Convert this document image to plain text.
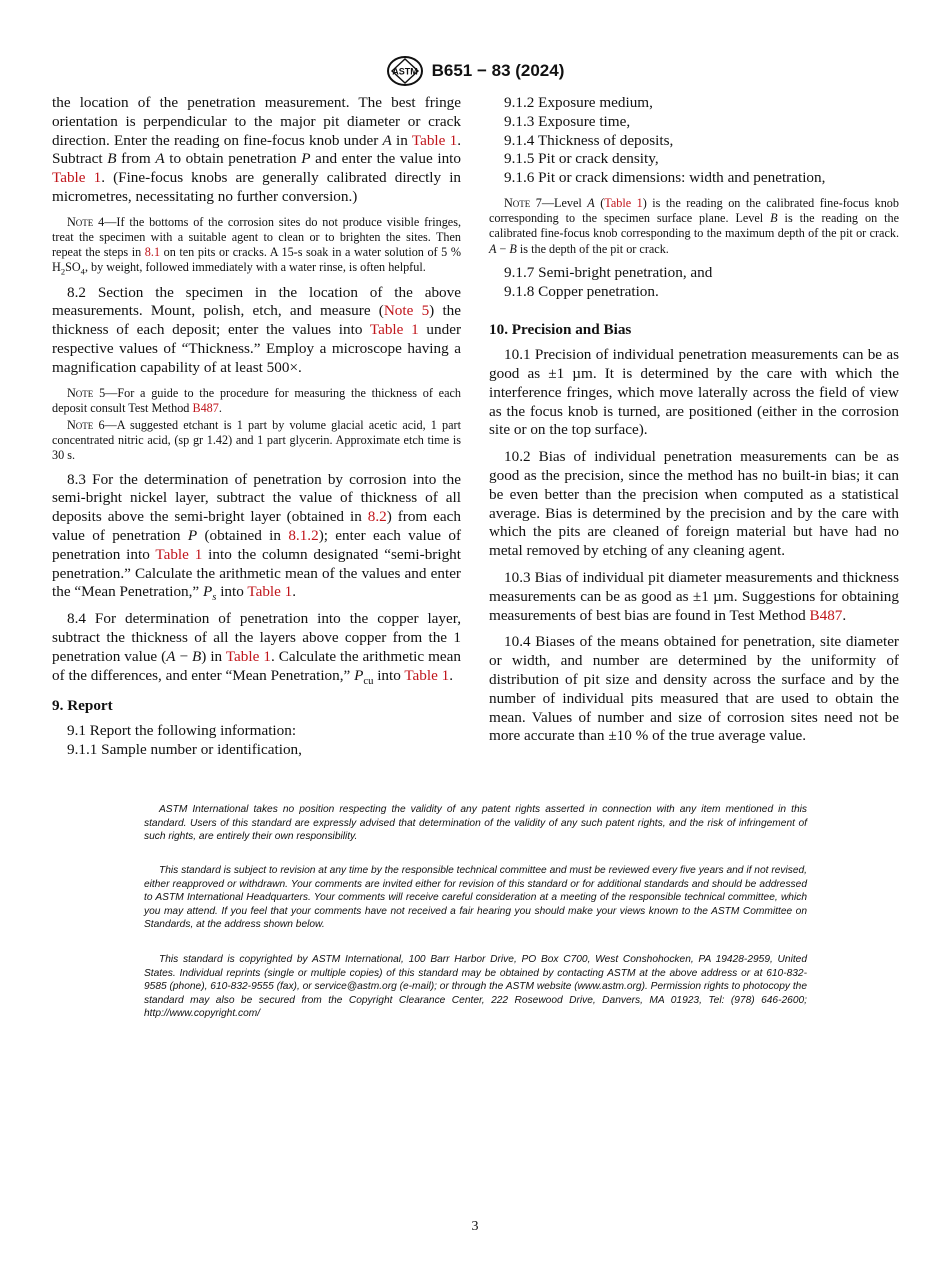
ASTM B651 − 83 (2024)

the location of the penetration measurement. The best fringe orientation is perpendicular to the major pit diameter or crack direction. Enter the reading on fine-focus knob under A in Table 1. Subtract B from A to obtain penetration P and enter the value into Table 1. (Fine-focus knobs are generally calibrated directly in micrometres, necessitating no further conversion.)

Note 4—If the bottoms of the corrosion sites do not produce visible fringes, treat the specimen with a suitable agent to clean or to brighten the sites. Then repeat the steps in 8.1 on ten pits or cracks. A 15-s soak in a water solution of 5 % $H_2SO_4$, by weight, followed immediately with a water rinse, is often helpful.

8.2 Section the specimen in the location of the above measurements. Mount, polish, etch, and measure (Note 5) the thickness of each deposit; enter the values into Table 1 under respective values of “Thickness.” Employ a microscope having a magnification capability of at least 500×.

Note 5—For a guide to the procedure for measuring the thickness of each deposit consult Test Method B487.

Note 6—A suggested etchant is 1 part by volume glacial acetic acid, 1 part concentrated nitric acid, (sp gr 1.42) and 1 part glycerin. Approximate etch time is 30 s.

8.3 For the determination of penetration by corrosion into the semi-bright nickel layer, subtract the value of thickness of all deposits above the semi-bright layer (obtained in 8.2) from each value of penetration P (obtained in 8.1.2); enter each value of penetration into Table 1 into the column designated “semi-bright penetration.” Calculate the arithmetic mean of the values and enter the “Mean Penetration,” $P_s$ into Table 1.

8.4 For determination of penetration into the copper layer, subtract the thickness of all the layers above copper from the 1 penetration value (A − B) in Table 1. Calculate the arithmetic mean of the differences, and enter “Mean Penetration,” $P_{cu}$ into Table 1.

9. Report

9.1 Report the following information:

9.1.1 Sample number or identification,

9.1.2 Exposure medium,

9.1.3 Exposure time,

9.1.4 Thickness of deposits,

9.1.5 Pit or crack density,

9.1.6 Pit or crack dimensions: width and penetration,

Note 7—Level A (Table 1) is the reading on the calibrated fine-focus knob corresponding to the specimen surface plane. Level B is the reading on the calibrated fine-focus knob corresponding to the maximum depth of the pit or crack. A − B is the depth of the pit or crack.

9.1.7 Semi-bright penetration, and

9.1.8 Copper penetration.

10. Precision and Bias

10.1 Precision of individual penetration measurements can be as good as ±1 µm. It is determined by the care with which the interference fringes, which move laterally across the field of view as the focus knob is turned, are positioned (either in the corrosion site or on the top surface).

10.2 Bias of individual penetration measurements can be as good as the precision, since the method has no built-in bias; it can be even better than the precision when computed as a statistical average. Bias is determined by the precision and by the care with which the pits are cleaned of foreign material but have had no metal removed by etching of any cleaning agent.

10.3 Bias of individual pit diameter measurements and thickness measurements can be as good as ±1 µm. Suggestions for obtaining measurements of best bias are found in Test Method B487.

10.4 Biases of the means obtained for penetration, site diameter or width, and number are determined by the uniformity of distribution of pit size and density across the surface and by the number of individual pits measured that are used to obtain the mean. Values of number and size of corrosion sites need not be more accurate than ±10 % of the true average value.

ASTM International takes no position respecting the validity of any patent rights asserted in connection with any item mentioned in this standard. Users of this standard are expressly advised that determination of the validity of any such patent rights, and the risk of infringement of such rights, are entirely their own responsibility.

This standard is subject to revision at any time by the responsible technical committee and must be reviewed every five years and if not revised, either reapproved or withdrawn. Your comments are invited either for revision of this standard or for additional standards and should be addressed to ASTM International Headquarters. Your comments will receive careful consideration at a meeting of the responsible technical committee, which you may attend. If you feel that your comments have not received a fair hearing you should make your views known to the ASTM Committee on Standards, at the address shown below.

This standard is copyrighted by ASTM International, 100 Barr Harbor Drive, PO Box C700, West Conshohocken, PA 19428-2959, United States. Individual reprints (single or multiple copies) of this standard may be obtained by contacting ASTM at the above address or at 610-832-9585 (phone), 610-832-9555 (fax), or service@astm.org (e-mail); or through the ASTM website (www.astm.org). Permission rights to photocopy the standard may also be secured from the Copyright Clearance Center, 222 Rosewood Drive, Danvers, MA 01923, Tel: (978) 646-2600; http://www.copyright.com/

3
